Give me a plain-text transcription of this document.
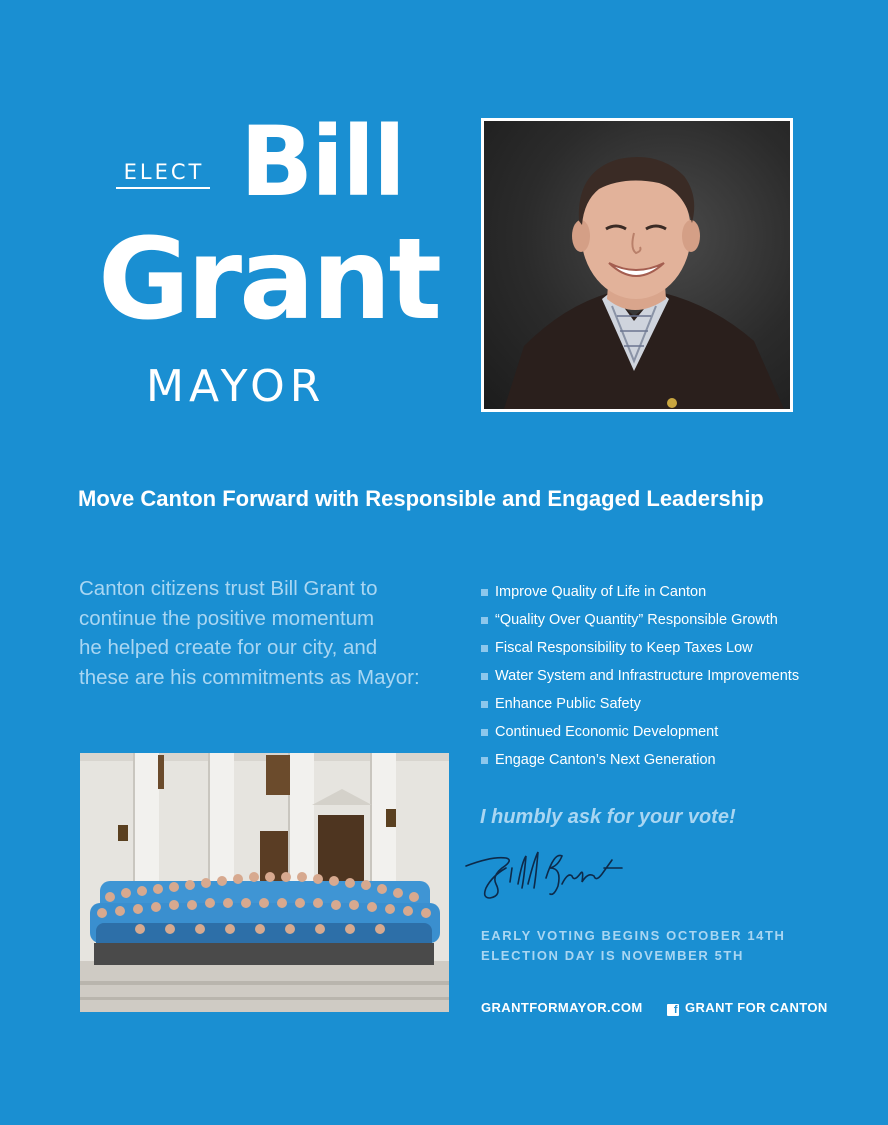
ELECT Bill
Grant
MAYOR
Move Canton Forward with Responsible and Engaged Leadership
Canton citizens trust Bill Grant to
continue the positive momentum
he helped create for our city, and
these are his commitments as Mayor:
Improve Quality of Life in Canton
“Quality Over Quantity” Responsible Growth
Fiscal Responsibility to Keep Taxes Low
Water System and Infrastructure Improvements
Enhance Public Safety
Continued Economic Development
Engage Canton’s Next Generation
I humbly ask for your vote!
EARLY VOTING BEGINS OCTOBER 14TH
ELECTION DAY IS NOVEMBER 5TH
GRANTFORMAYOR.COM	f GRANT FOR CANTON
